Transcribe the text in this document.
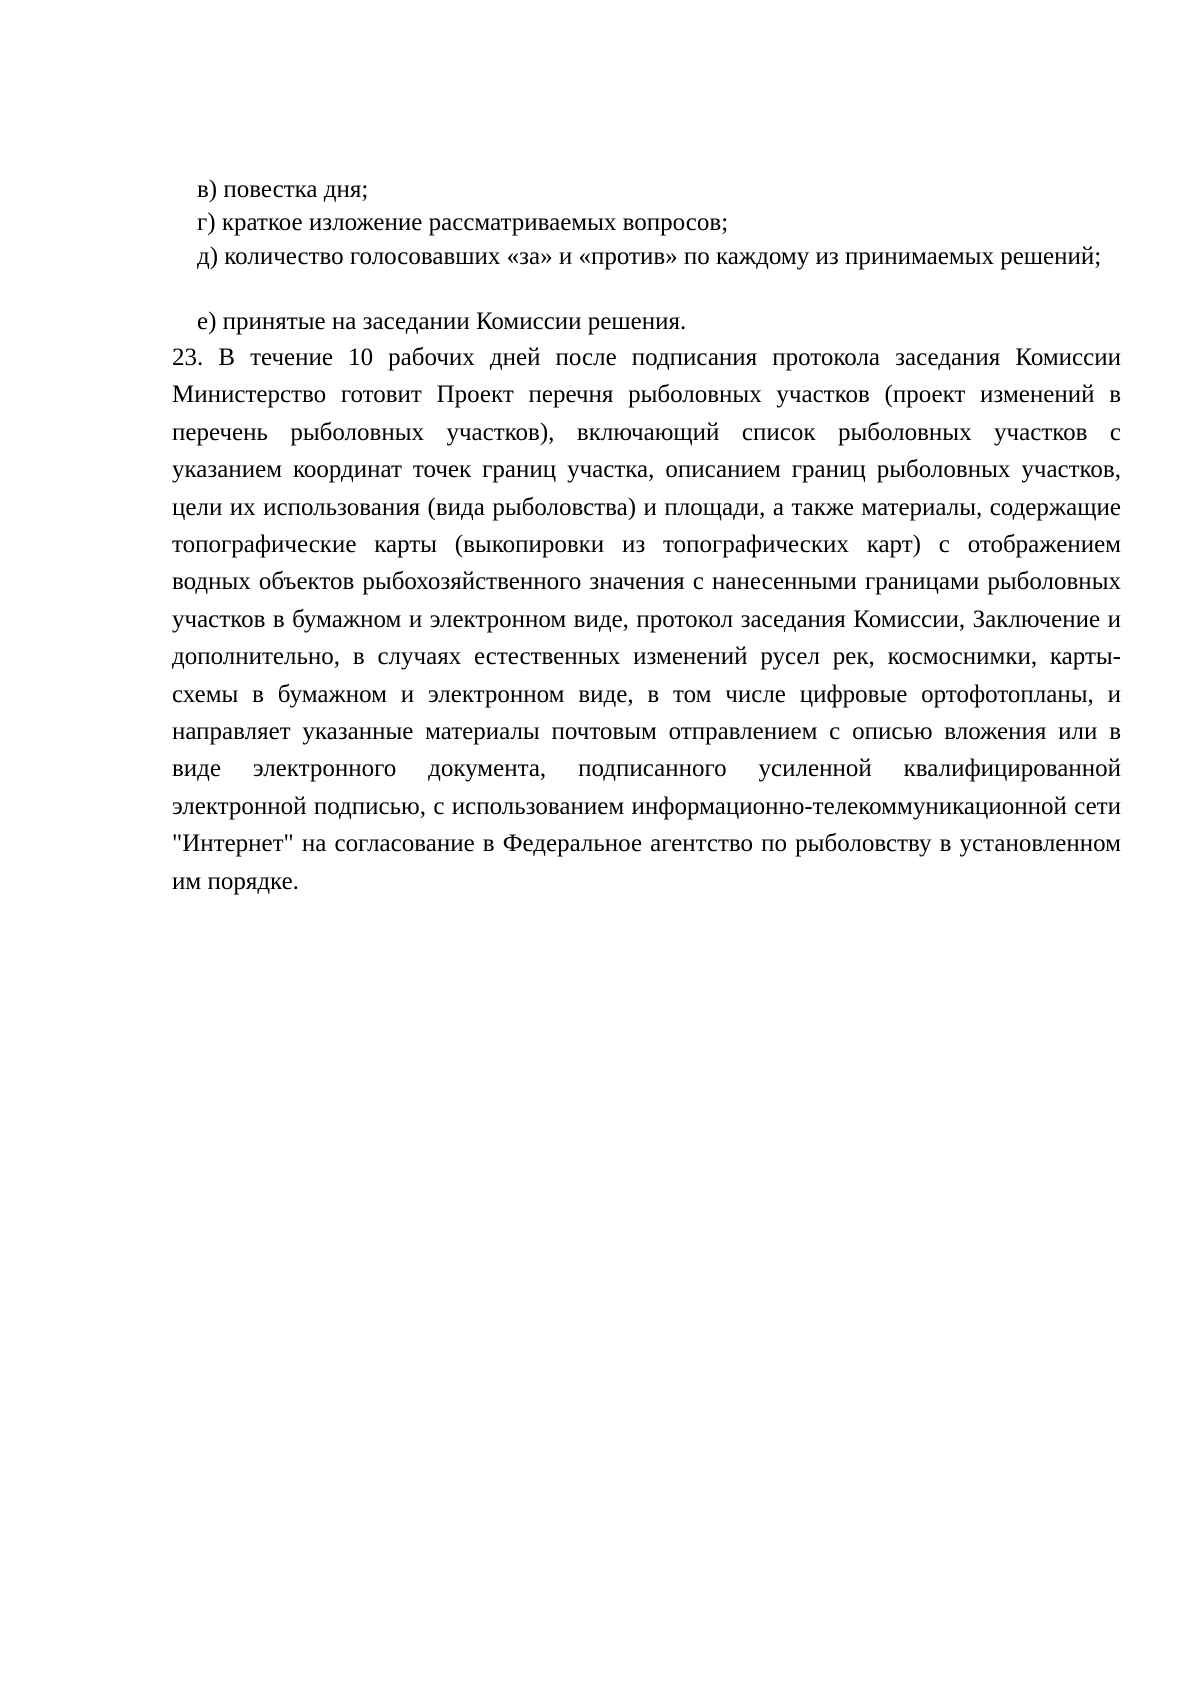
в) повестка дня;

г) краткое изложение рассматриваемых вопросов;

д) количество голосовавших «за» и «против» по каждому из принимаемых решений;

е) принятые на заседании Комиссии решения.

23. В течение 10 рабочих дней после подписания протокола заседания Комиссии Министерство готовит Проект перечня рыболовных участков (проект изменений в перечень рыболовных участков), включающий список рыболовных участков с указанием координат точек границ участка, описанием границ рыболовных участков, цели их использования (вида рыболовства) и площади, а также материалы, содержащие топографические карты (выкопировки из топографических карт) с отображением водных объектов рыбохозяйственного значения с нанесенными границами рыболовных участков в бумажном и электронном виде, протокол заседания Комиссии, Заключение и дополнительно, в случаях естественных изменений русел рек, космоснимки, карты-схемы в бумажном и электронном виде, в том числе цифровые ортофотопланы, и направляет указанные материалы почтовым отправлением с описью вложения или в виде электронного документа, подписанного усиленной квалифицированной электронной подписью, с использованием информационно-телекоммуникационной сети "Интернет" на согласование в Федеральное агентство по рыболовству в установленном им порядке.
